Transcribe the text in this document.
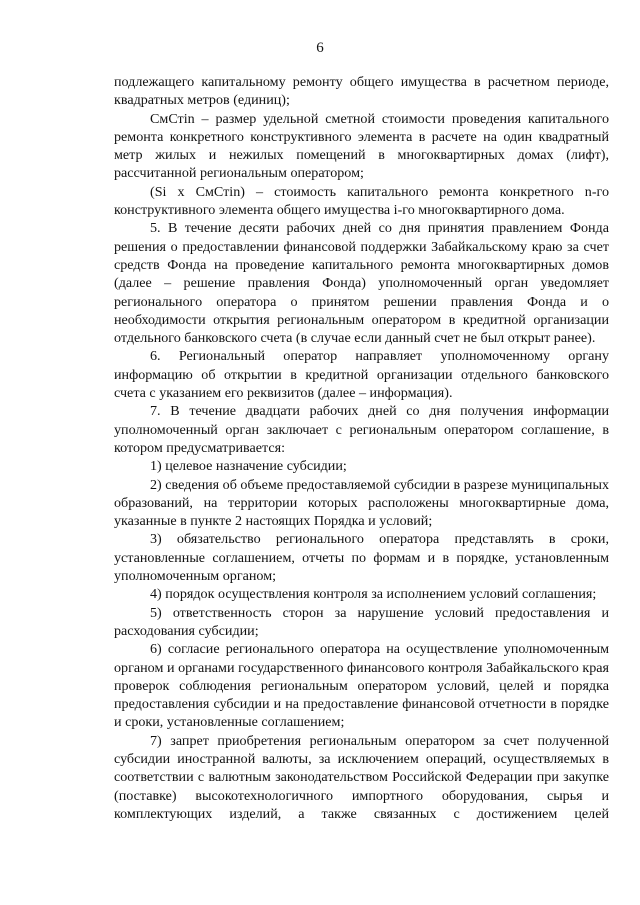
6

подлежащего капитальному ремонту общего имущества в расчетном периоде, квадратных метров (единиц);

СмСтin – размер удельной сметной стоимости проведения капитального ремонта конкретного конструктивного элемента в расчете на один квадратный метр жилых и нежилых помещений в многоквартирных домах (лифт), рассчитанной региональным оператором;

(Si x СмСтin) – стоимость капитального ремонта конкретного n-го конструктивного элемента общего имущества i-го многоквартирного дома.

5. В течение десяти рабочих дней со дня принятия правлением Фонда решения о предоставлении финансовой поддержки Забайкальскому краю за счет средств Фонда на проведение капитального ремонта многоквартирных домов (далее – решение правления Фонда) уполномоченный орган уведомляет регионального оператора о принятом решении правления Фонда и о необходимости открытия региональным оператором в кредитной организации отдельного банковского счета (в случае если данный счет не был открыт ранее).

6. Региональный оператор направляет уполномоченному органу информацию об открытии в кредитной организации отдельного банковского счета с указанием его реквизитов (далее – информация).

7. В течение двадцати рабочих дней со дня получения информации уполномоченный орган заключает с региональным оператором соглашение, в котором предусматривается:

1) целевое назначение субсидии;

2) сведения об объеме предоставляемой субсидии в разрезе муниципальных образований, на территории которых расположены многоквартирные дома, указанные в пункте 2 настоящих Порядка и условий;

3) обязательство регионального оператора представлять в сроки, установленные соглашением, отчеты по формам и в порядке, установленным уполномоченным органом;

4) порядок осуществления контроля за исполнением условий соглашения;

5) ответственность сторон за нарушение условий предоставления и расходования субсидии;

6) согласие регионального оператора на осуществление уполномоченным органом и органами государственного финансового контроля Забайкальского края проверок соблюдения региональным оператором условий, целей и порядка предоставления субсидии и на предоставление финансовой отчетности в порядке и сроки, установленные соглашением;

7) запрет приобретения региональным оператором за счет полученной субсидии иностранной валюты, за исключением операций, осуществляемых в соответствии с валютным законодательством Российской Федерации при закупке (поставке) высокотехнологичного импортного оборудования, сырья и комплектующих изделий, а также связанных с достижением целей
